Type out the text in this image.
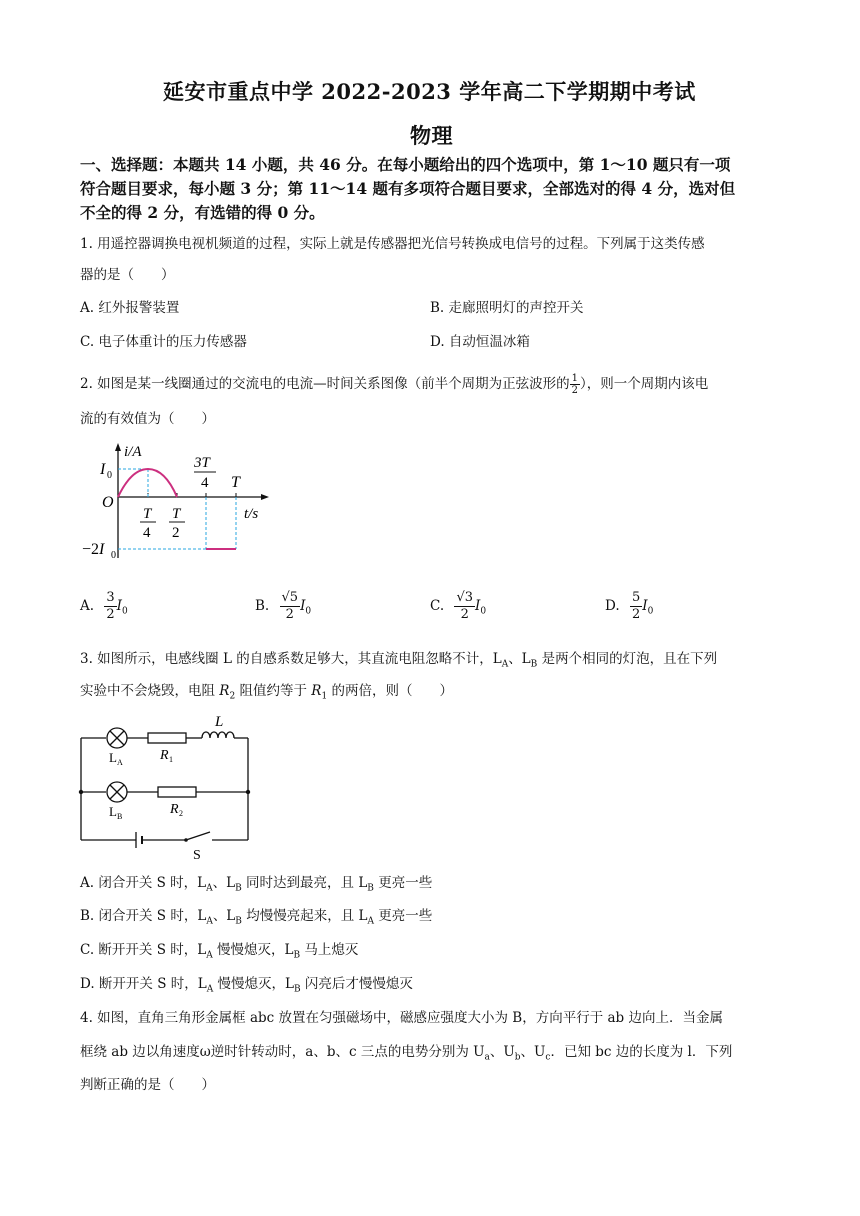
延安市重点中学 2022-2023 学年高二下学期期中考试
物理
一、选择题：本题共 14 小题，共 46 分。在每小题给出的四个选项中，第 1～10 题只有一项
符合题目要求，每小题 3 分；第 11～14 题有多项符合题目要求，全部选对的得 4 分，选对但
不全的得 2 分，有选错的得 0 分。
1. 用遥控器调换电视机频道的过程，实际上就是传感器把光信号转换成电信号的过程。下列属于这类传感
器的是（　　）
A. 红外报警装置	B. 走廊照明灯的声控开关
C. 电子体重计的压力传感器	D. 自动恒温冰箱
2. 如图是某一线圈通过的交流电的电流—时间关系图像（前半个周期为正弦波形的 $\frac{1}{2}$ ），则一个周期内该电
流的有效值为（　　）
i/A
I 0
O
−2I 0
3T
4 T
t/s
T
4
T
2
A. $\frac{3}{2} I_0$	B. $\frac{√5}{2} I_0$	C. $\frac{√3}{2} I_0$	D. $\frac{5}{2} I_0$
3. 如图所示，电感线圈 L 的自感系数足够大，其直流电阻忽略不计，$L_A$、$L_B$ 是两个相同的灯泡，且在下列
实验中不会烧毁，电阻 $R_2$ 阻值约等于 $R_1$ 的两倍，则（　　）
L
L A	R 1
L B	R 2
S
A. 闭合开关 S 时，$L_A$、$L_B$ 同时达到最亮，且 $L_B$ 更亮一些
B. 闭合开关 S 时，$L_A$、$L_B$ 均慢慢亮起来，且 $L_A$ 更亮一些
C. 断开开关 S 时，$L_A$ 慢慢熄灭，$L_B$ 马上熄灭
D. 断开开关 S 时，$L_A$ 慢慢熄灭，$L_B$ 闪亮后才慢慢熄灭
4. 如图，直角三角形金属框 abc 放置在匀强磁场中，磁感应强度大小为 B，方向平行于 ab 边向上．当金属
框绕 ab 边以角速度ω逆时针转动时，a、b、c 三点的电势分别为 $U_a$、$U_b$、$U_c$．已知 bc 边的长度为 l．下列
判断正确的是（　　）
